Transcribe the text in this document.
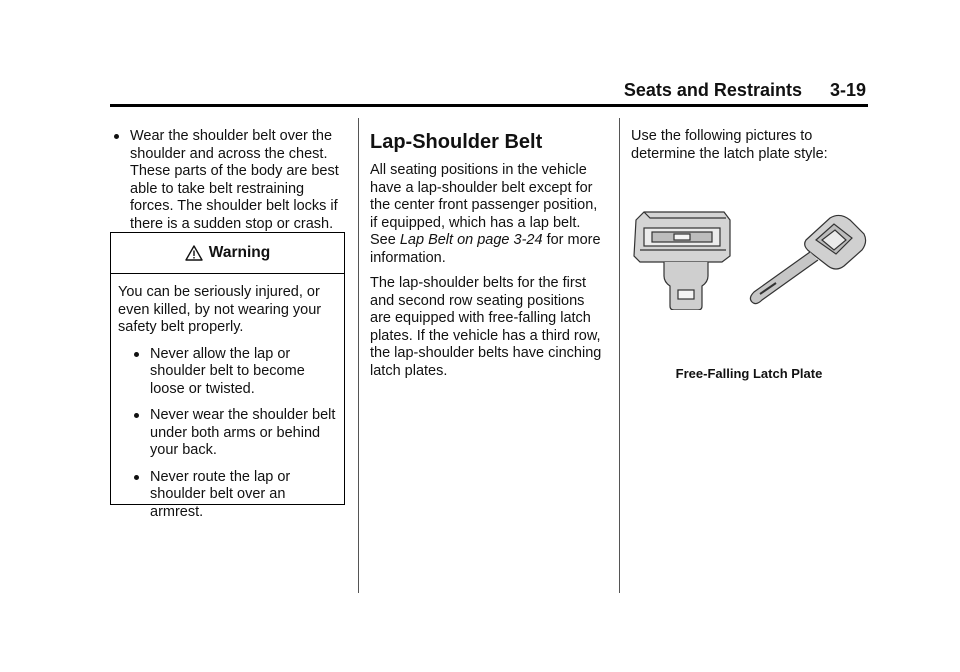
Seats and Restraints 3-19
Wear the shoulder belt over the shoulder and across the chest. These parts of the body are best able to take belt restraining forces. The shoulder belt locks if there is a sudden stop or crash.
Warning

You can be seriously injured, or even killed, by not wearing your safety belt properly.

Never allow the lap or shoulder belt to become loose or twisted.
Never wear the shoulder belt under both arms or behind your back.
Never route the lap or shoulder belt over an armrest.
Lap-Shoulder Belt

All seating positions in the vehicle have a lap-shoulder belt except for the center front passenger position, if equipped, which has a lap belt. See Lap Belt on page 3-24 for more information.

The lap-shoulder belts for the first and second row seating positions are equipped with free-falling latch plates. If the vehicle has a third row, the lap-shoulder belts have cinching latch plates.

Use the following pictures to determine the latch plate style:

Free-Falling Latch Plate
